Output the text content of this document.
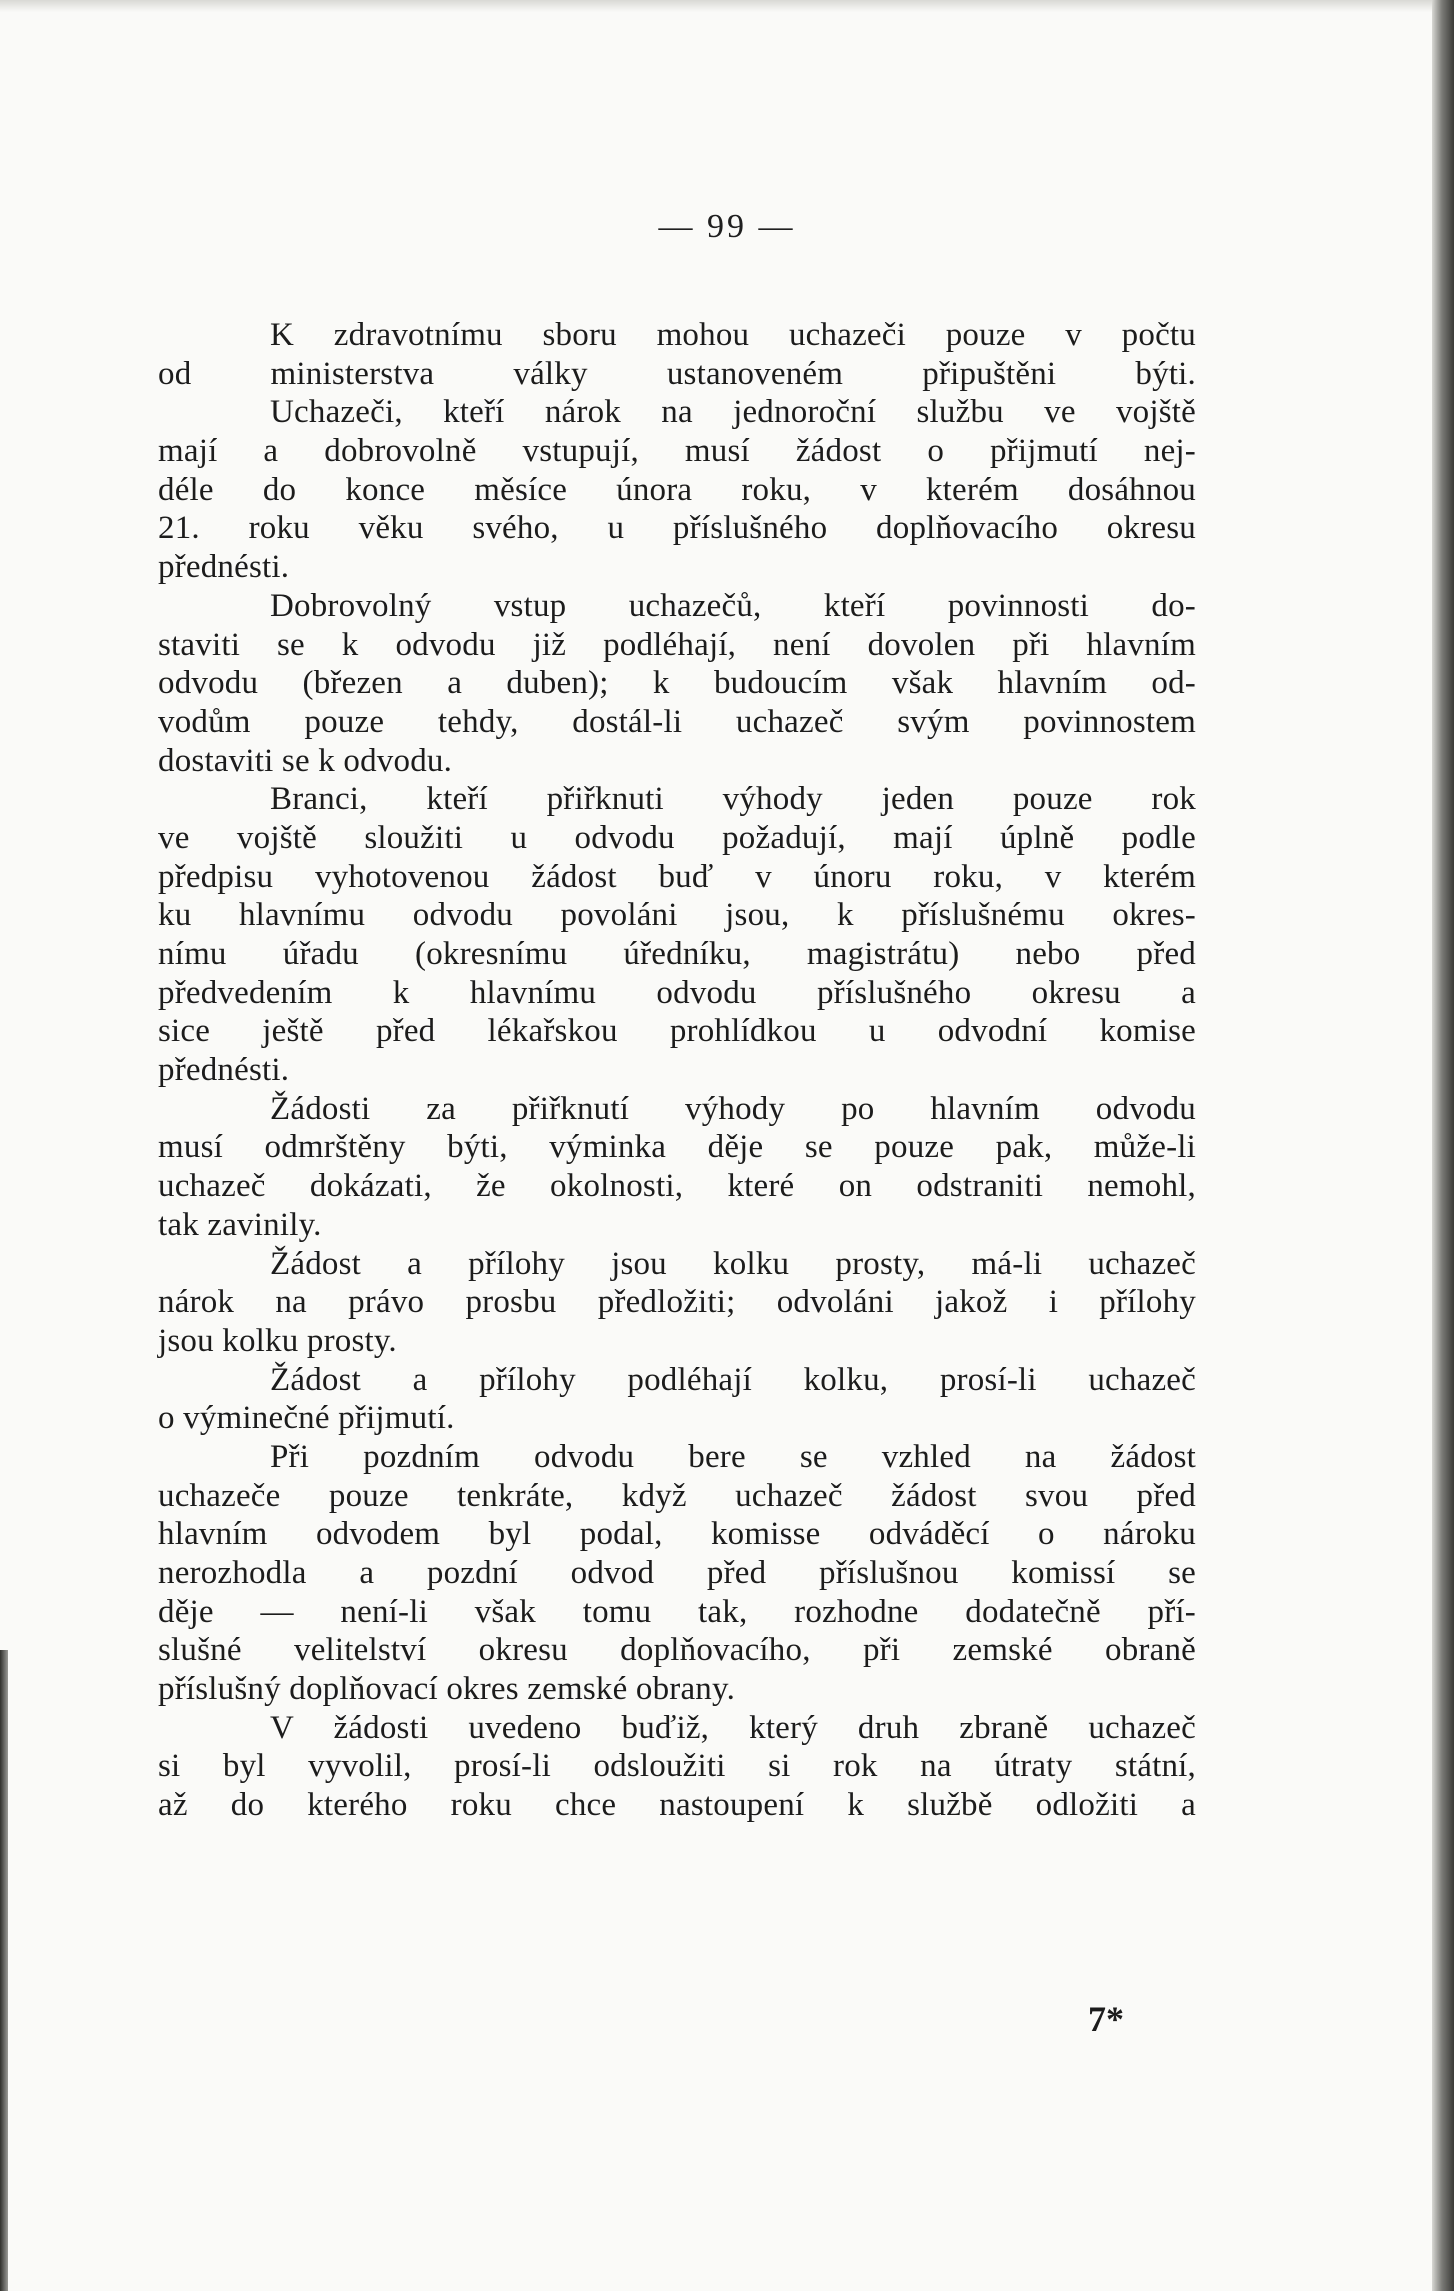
— 99 —
K zdravotnímu sboru mohou uchazeči pouze v počtu
od ministerstva války ustanoveném připuštěni býti.
Uchazeči, kteří nárok na jednoroční službu ve vojště
mají a dobrovolně vstupují, musí žádost o přijmutí nej-
déle do konce měsíce února roku, v kterém dosáhnou
21. roku věku svého, u příslušného doplňovacího okresu
přednésti.
Dobrovolný vstup uchazečů, kteří povinnosti do-
staviti se k odvodu již podléhají, není dovolen při hlavním
odvodu (březen a duben); k budoucím však hlavním od-
vodům pouze tehdy, dostál-li uchazeč svým povinnostem
dostaviti se k odvodu.
Branci, kteří přiřknuti výhody jeden pouze rok
ve vojště sloužiti u odvodu požadují, mají úplně podle
předpisu vyhotovenou žádost buď v únoru roku, v kterém
ku hlavnímu odvodu povoláni jsou, k příslušnému okres-
nímu úřadu (okresnímu úředníku, magistrátu) nebo před
předvedením k hlavnímu odvodu příslušného okresu a
sice ještě před lékařskou prohlídkou u odvodní komise
přednésti.
Žádosti za přiřknutí výhody po hlavním odvodu
musí odmrštěny býti, výminka děje se pouze pak, může-li
uchazeč dokázati, že okolnosti, které on odstraniti nemohl,
tak zavinily.
Žádost a přílohy jsou kolku prosty, má-li uchazeč
nárok na právo prosbu předložiti; odvoláni jakož i přílohy
jsou kolku prosty.
Žádost a přílohy podléhají kolku, prosí-li uchazeč
o výminečné přijmutí.
Při pozdním odvodu bere se vzhled na žádost
uchazeče pouze tenkráte, když uchazeč žádost svou před
hlavním odvodem byl podal, komisse odváděcí o nároku
nerozhodla a pozdní odvod před příslušnou komissí se
děje — není-li však tomu tak, rozhodne dodatečně pří-
slušné velitelství okresu doplňovacího, při zemské obraně
příslušný doplňovací okres zemské obrany.
V žádosti uvedeno buďiž, který druh zbraně uchazeč
si byl vyvolil, prosí-li odsloužiti si rok na útraty státní,
až do kterého roku chce nastoupení k službě odložiti a
7*
